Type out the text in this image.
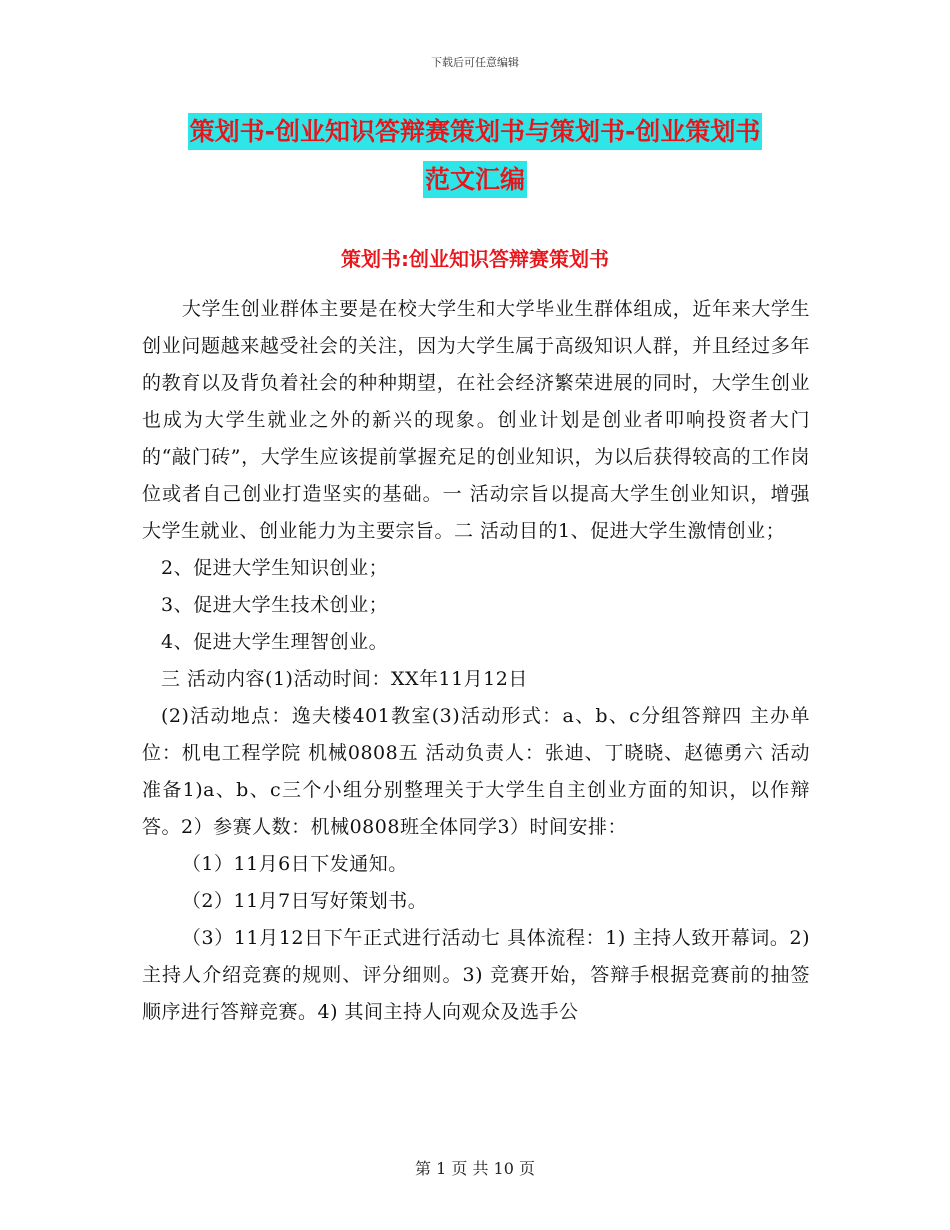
下载后可任意编辑
策划书-创业知识答辩赛策划书与策划书-创业策划书
范文汇编
策划书:创业知识答辩赛策划书

大学生创业群体主要是在校大学生和大学毕业生群体组成，近年来大学生创业问题越来越受社会的关注，因为大学生属于高级知识人群，并且经过多年的教育以及背负着社会的种种期望，在社会经济繁荣进展的同时，大学生创业也成为大学生就业之外的新兴的现象。创业计划是创业者叩响投资者大门的“敲门砖”，大学生应该提前掌握充足的创业知识，为以后获得较高的工作岗位或者自己创业打造坚实的基础。一 活动宗旨以提高大学生创业知识，增强大学生就业、创业能力为主要宗旨。二 活动目的1、促进大学生激情创业；

2、促进大学生知识创业；

3、促进大学生技术创业；

4、促进大学生理智创业。

三 活动内容(1)活动时间：XX年11月12日

(2)活动地点：逸夫楼401教室(3)活动形式：a、b、c分组答辩四 主办单位：机电工程学院 机械0808五 活动负责人：张迪、丁晓晓、赵德勇六 活动准备1)a、b、c三个小组分别整理关于大学生自主创业方面的知识，以作辩答。2）参赛人数：机械0808班全体同学3）时间安排：

（1）11月6日下发通知。

（2）11月7日写好策划书。

（3）11月12日下午正式进行活动七 具体流程：1) 主持人致开幕词。2) 主持人介绍竞赛的规则、评分细则。3) 竞赛开始，答辩手根据竞赛前的抽签顺序进行答辩竞赛。4) 其间主持人向观众及选手公

第 1 页 共 10 页
